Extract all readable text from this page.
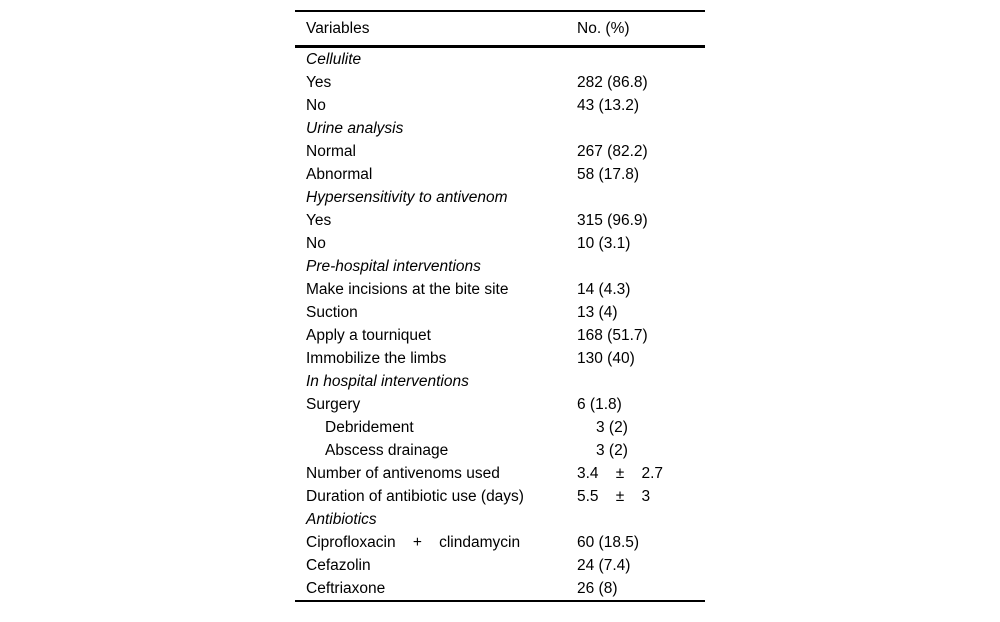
Variables	No. (%)
Cellulite
Yes	282 (86.8)
No	43 (13.2)
Urine analysis
Normal	267 (82.2)
Abnormal	58 (17.8)
Hypersensitivity to antivenom
Yes	315 (96.9)
No	10 (3.1)
Pre-hospital interventions
Make incisions at the bite site	14 (4.3)
Suction	13 (4)
Apply a tourniquet	168 (51.7)
Immobilize the limbs	130 (40)
In hospital interventions
Surgery	6 (1.8)
Debridement	3 (2)
Abscess drainage	3 (2)
Number of antivenoms used	3.4    ±    2.7
Duration of antibiotic use (days)	5.5    ±    3
Antibiotics
Ciprofloxacin    +    clindamycin	60 (18.5)
Cefazolin	24 (7.4)
Ceftriaxone	26 (8)
